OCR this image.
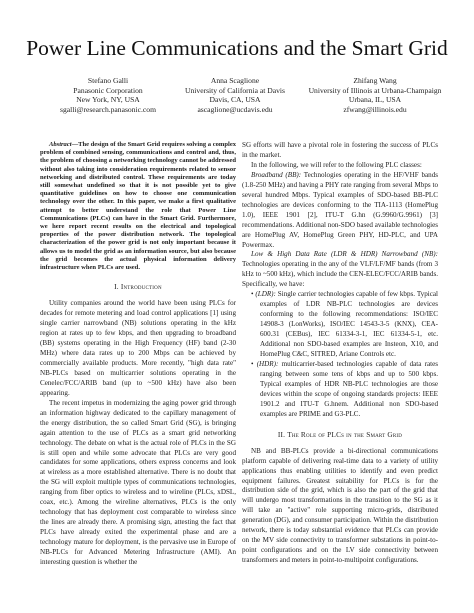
Power Line Communications and the Smart Grid
Stefano Galli
Panasonic Corporation
New York, NY, USA
sgalli@research.panasonic.com
Anna Scaglione
University of California at Davis
Davis, CA, USA
ascaglione@ucdavis.edu
Zhifang Wang
University of Illinois at Urbana-Champaign
Urbana, IL, USA
zfwang@illinois.edu

Abstract—The design of the Smart Grid requires solving a complex problem of combined sensing, communications and control and, thus, the problem of choosing a networking technology cannot be addressed without also taking into consideration requirements related to sensor networking and distributed control. These requirements are today still somewhat undefined so that it is not possible yet to give quantitative guidelines on how to choose one communication technology over the other. In this paper, we make a first qualitative attempt to better understand the role that Power Line Communications (PLCs) can have in the Smart Grid. Furthermore, we here report recent results on the electrical and topological properties of the power distribution network. The topological characterization of the power grid is not only important because it allows us to model the grid as an information source, but also because the grid becomes the actual physical information delivery infrastructure when PLCs are used.

I. Introduction

Utility companies around the world have been using PLCs for decades for remote metering and load control applications [1] using single carrier narrowband (NB) solutions operating in the kHz region at rates up to few kbps, and then upgrading to broadband (BB) systems operating in the High Frequency (HF) band (2-30 MHz) where data rates up to 200 Mbps can be achieved by commercially available products. More recently, "high data rate" NB-PLCs based on multicarrier solutions operating in the Cenelec/FCC/ARIB band (up to ~500 kHz) have also been appearing.

The recent impetus in modernizing the aging power grid through an information highway dedicated to the capillary management of the energy distribution, the so called Smart Grid (SG), is bringing again attention to the use of PLCs as a smart grid networking technology. The debate on what is the actual role of PLCs in the SG is still open and while some advocate that PLCs are very good candidates for some applications, others express concerns and look at wireless as a more established alternative. There is no doubt that the SG will exploit multiple types of communications technologies, ranging from fiber optics to wireless and to wireline (PLCs, xDSL, coax, etc.). Among the wireline alternatives, PLCs is the only technology that has deployment cost comparable to wireless since the lines are already there. A promising sign, attesting the fact that PLCs have already exited the experimental phase and are a technology mature for deployment, is the pervasive use in Europe of NB-PLCs for Advanced Metering Infrastructure (AMI). An interesting question is whether the

SG efforts will have a pivotal role in fostering the success of PLCs in the market.

In the following, we will refer to the following PLC classes:

Broadband (BB): Technologies operating in the HF/VHF bands (1.8-250 MHz) and having a PHY rate ranging from several Mbps to several hundred Mbps. Typical examples of SDO-based BB-PLC technologies are devices conforming to the TIA-1113 (HomePlug 1.0), IEEE 1901 [2], ITU-T G.hn (G.9960/G.9961) [3] recommendations. Additional non-SDO based available technologies are HomePlug AV, HomePlug Green PHY, HD-PLC, and UPA Powermax.

Low & High Data Rate (LDR & HDR) Narrowband (NB): Technologies operating in the any of the VLF/LF/MF bands (from 3 kHz to ~500 kHz), which include the CEN-ELEC/FCC/ARIB bands. Specifically, we have:

• (LDR): Single carrier technologies capable of few kbps. Typical examples of LDR NB-PLC technologies are devices conforming to the following recommendations: ISO/IEC 14908-3 (LonWorks), ISO/IEC 14543-3-5 (KNX), CEA-600.31 (CEBus), IEC 61334-3-1, IEC 61334-5-1, etc. Additional non SDO-based examples are Insteon, X10, and HomePlug C&C, SITRED, Ariane Controls etc.

• (HDR): multicarrier-based technologies capable of data rates ranging between some tens of kbps and up to 500 kbps. Typical examples of HDR NB-PLC technologies are those devices within the scope of ongoing standards projects: IEEE 1901.2 and ITU-T G.hnem. Additional non SDO-based examples are PRIME and G3-PLC.

II. The Role of PLCs in the Smart Grid

NB and BB-PLCs provide a bi-directional communications platform capable of delivering real-time data to a variety of utility applications thus enabling utilities to identify and even predict equipment failures. Greatest suitability for PLCs is for the distribution side of the grid, which is also the part of the grid that will undergo most transformations in the transition to the SG as it will take an "active" role supporting micro-grids, distributed generation (DG), and consumer participation. Within the distribution network, there is today substantial evidence that PLCs can provide on the MV side connectivity to transformer substations in point-to-point configurations and on the LV side connectivity between transformers and meters in point-to-multipoint configurations.
